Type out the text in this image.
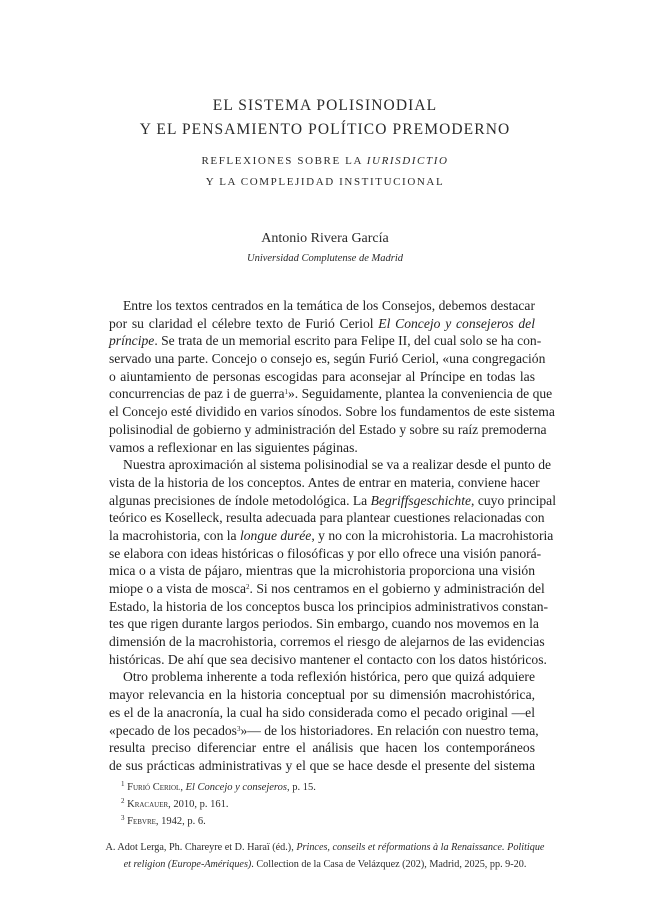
EL SISTEMA POLISINODIAL
Y EL PENSAMIENTO POLÍTICO PREMODERNO
REFLEXIONES SOBRE LA IURISDICTIO
Y LA COMPLEJIDAD INSTITUCIONAL
Antonio Rivera García
Universidad Complutense de Madrid
Entre los textos centrados en la temática de los Consejos, debemos destacar
por su claridad el célebre texto de Furió Ceriol El Concejo y consejeros del
príncipe. Se trata de un memorial escrito para Felipe II, del cual solo se ha con-
servado una parte. Concejo o consejo es, según Furió Ceriol, «una congregación
o aiuntamiento de personas escogidas para aconsejar al Príncipe en todas las
concurrencias de paz i de guerra$^1$». Seguidamente, plantea la conveniencia de que
el Concejo esté dividido en varios sínodos. Sobre los fundamentos de este sistema
polisinodial de gobierno y administración del Estado y sobre su raíz premoderna
vamos a reflexionar en las siguientes páginas.
Nuestra aproximación al sistema polisinodial se va a realizar desde el punto de
vista de la historia de los conceptos. Antes de entrar en materia, conviene hacer
algunas precisiones de índole metodológica. La Begriffsgeschichte, cuyo principal
teórico es Koselleck, resulta adecuada para plantear cuestiones relacionadas con
la macrohistoria, con la longue durée, y no con la microhistoria. La macrohistoria
se elabora con ideas históricas o filosóficas y por ello ofrece una visión panorá-
mica o a vista de pájaro, mientras que la microhistoria proporciona una visión
miope o a vista de mosca$^2$. Si nos centramos en el gobierno y administración del
Estado, la historia de los conceptos busca los principios administrativos constan-
tes que rigen durante largos periodos. Sin embargo, cuando nos movemos en la
dimensión de la macrohistoria, corremos el riesgo de alejarnos de las evidencias
históricas. De ahí que sea decisivo mantener el contacto con los datos históricos.
Otro problema inherente a toda reflexión histórica, pero que quizá adquiere
mayor relevancia en la historia conceptual por su dimensión macrohistórica,
es el de la anacronía, la cual ha sido considerada como el pecado original —el
«pecado de los pecados$^3$»— de los historiadores. En relación con nuestro tema,
resulta preciso diferenciar entre el análisis que hacen los contemporáneos
de sus prácticas administrativas y el que se hace desde el presente del sistema
$^1$ Furió Ceriol, El Concejo y consejeros, p. 15.
$^2$ Kracauer, 2010, p. 161.
$^3$ Febvre, 1942, p. 6.
A. Adot Lerga, Ph. Chareyre et D. Haraï (éd.), Princes, conseils et réformations à la Renaissance. Politique
et religion (Europe-Amériques). Collection de la Casa de Velázquez (202), Madrid, 2025, pp. 9-20.
